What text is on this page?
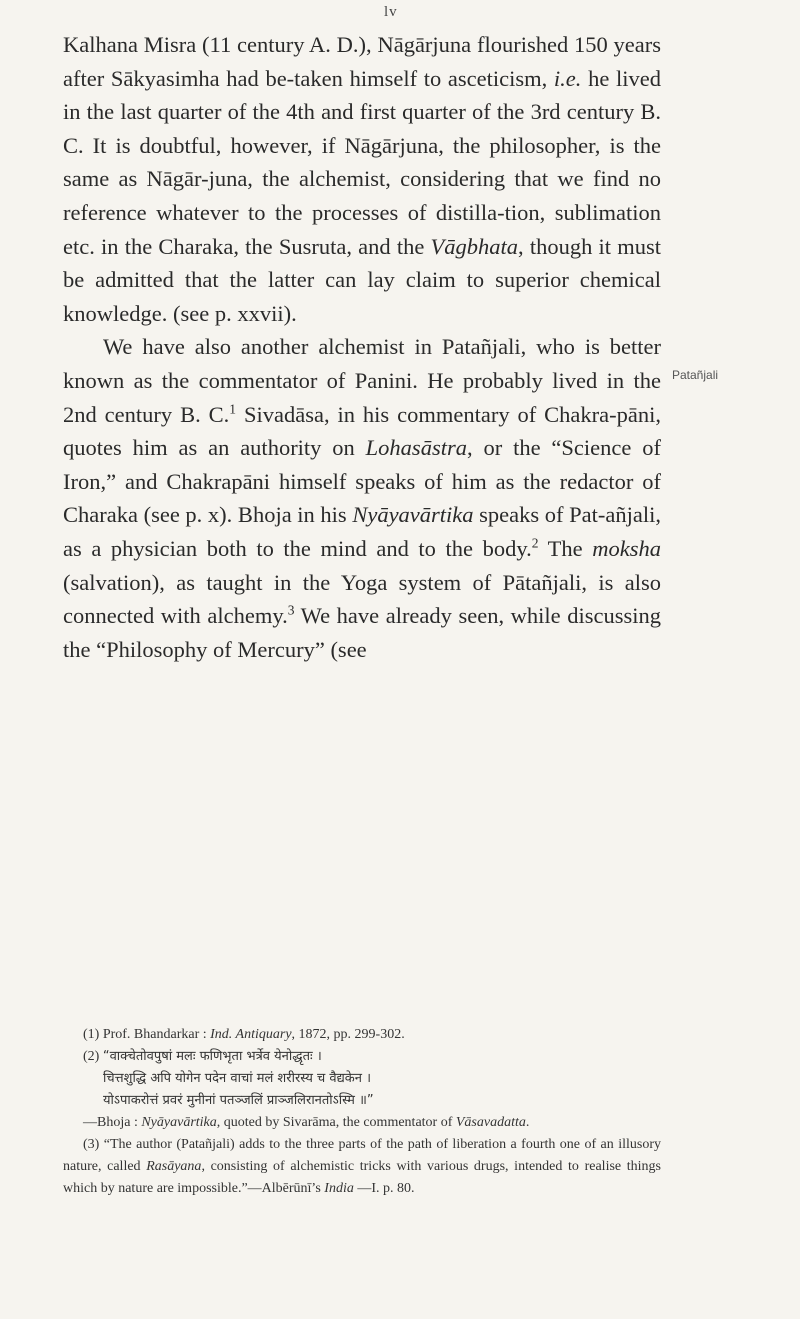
lv
Patañjali

Kalhana Misra (11 century A. D.), Nāgārjuna flourished 150 years after Sākyasimha had be-taken himself to asceticism, i.e. he lived in the last quarter of the 4th and first quarter of the 3rd century B. C. It is doubtful, however, if Nāgārjuna, the philosopher, is the same as Nāgār-juna, the alchemist, considering that we find no reference whatever to the processes of distilla-tion, sublimation etc. in the Charaka, the Susruta, and the Vāgbhata, though it must be admitted that the latter can lay claim to superior chemical knowledge. (see p. xxvii).

We have also another alchemist in Patañjali, who is better known as the commentator of Panini. He probably lived in the 2nd century B. C.$^1$ Sivadāsa, in his commentary of Chakra-pāni, quotes him as an authority on Lohasāstra, or the “Science of Iron,” and Chakrapāni himself speaks of him as the redactor of Charaka (see p. x). Bhoja in his Nyāyavārtika speaks of Pat-añjali, as a physician both to the mind and to the body.$^2$ The moksha (salvation), as taught in the Yoga system of Pātañjali, is also connected with alchemy.$^3$ We have already seen, while discussing the “Philosophy of Mercury” (see

(1) Prof. Bhandarkar : Ind. Antiquary, 1872, pp. 299-302.

(2) “वाक्चेतोवपुषां मलः फणिभृता भर्त्रेव येनोद्धृतः ।

चित्तशुद्धि अपि योगेन पदेन वाचां मलं शरीरस्य च वैद्यकेन ।

योऽपाकरोत्तं प्रवरं मुनीनां पतञ्जलिं प्राञ्जलिरानतोऽस्मि ॥”

—Bhoja : Nyāyavārtika, quoted by Sivarāma, the commentator of Vāsavadatta.

(3) “The author (Patañjali) adds to the three parts of the path of liberation a fourth one of an illusory nature, called Rasāyana, consisting of alchemistic tricks with various drugs, intended to realise things which by nature are impossible.”—Albērūnī’s India —I. p. 80.
